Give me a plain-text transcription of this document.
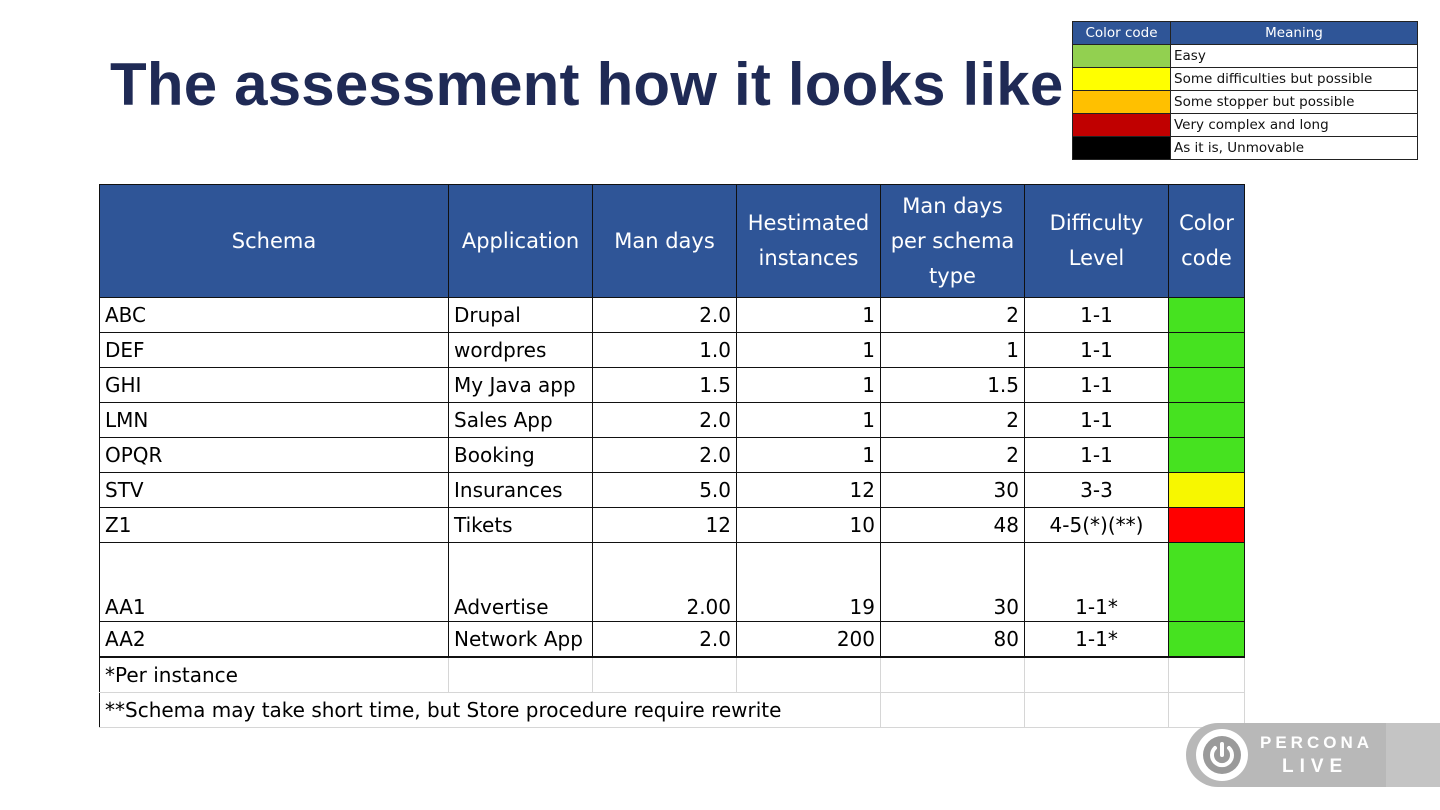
The assessment how it looks like
Color code	Meaning
	Easy
	Some difficulties but possible
	Some stopper but possible
	Very complex and long
	As it is, Unmovable
Schema	Application	Man days	Hestimated instances	Man days per schema type	Difficulty Level	Color code
ABC	Drupal	2.0	1	2	1-1	
DEF	wordpres	1.0	1	1	1-1	
GHI	My Java app	1.5	1	1.5	1-1	
LMN	Sales App	2.0	1	2	1-1	
OPQR	Booking	2.0	1	2	1-1	
STV	Insurances	5.0	12	30	3-3	
Z1	Tikets	12	10	48	4-5(*)(**)	
AA1	Advertise	2.00	19	30	1-1*	
AA2	Network App	2.0	200	80	1-1*	
*Per instance						
**Schema may take short time, but Store procedure require rewrite						
PERCONA
LIVE
